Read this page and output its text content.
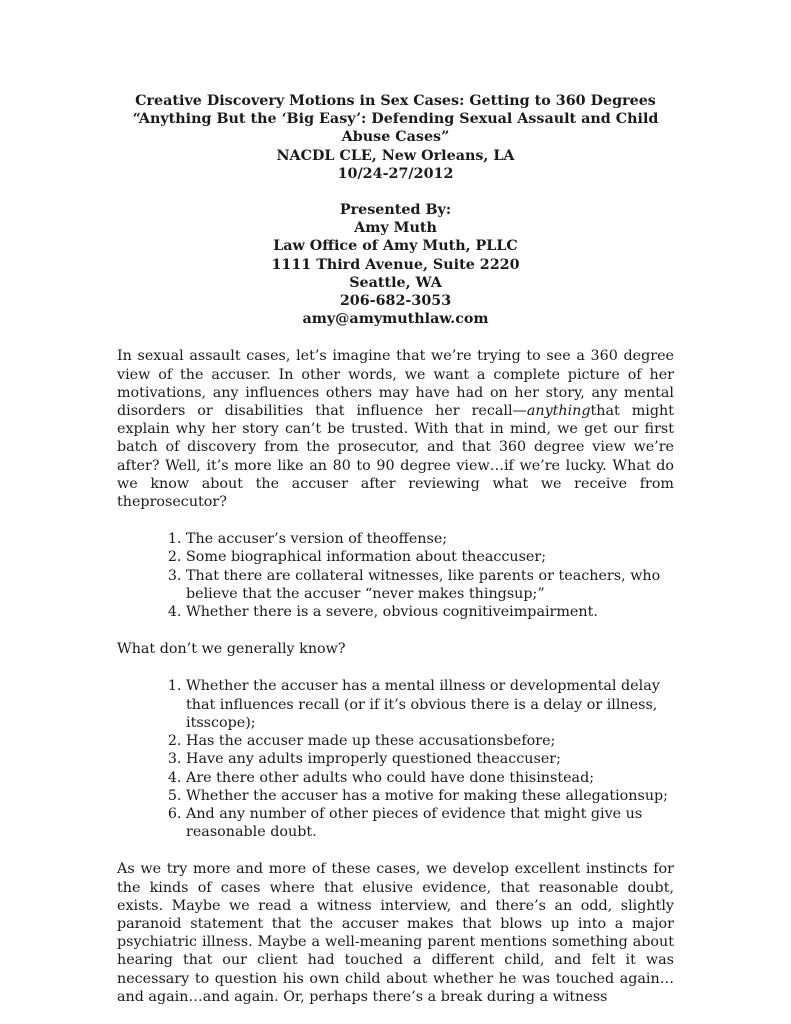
Creative Discovery Motions in Sex Cases: Getting to 360 Degrees

“Anything But the ‘Big Easy’: Defending Sexual Assault and Child Abuse Cases”

NACDL CLE, New Orleans, LA

10/24-27/2012

Presented By:

Amy Muth

Law Office of Amy Muth, PLLC

1111 Third Avenue, Suite 2220

Seattle, WA

206-682-3053

amy@amymuthlaw.com

In sexual assault cases, let’s imagine that we’re trying to see a 360 degree view of the accuser. In other words, we want a complete picture of her motivations, any influences others may have had on her story, any mental disorders or disabilities that influence her recall—anythingthat might explain why her story can’t be trusted. With that in mind, we get our first batch of discovery from the prosecutor, and that 360 degree view we’re after? Well, it’s more like an 80 to 90 degree view…if we’re lucky. What do we know about the accuser after reviewing what we receive from theprosecutor?

1. The accuser’s version of theoffense;
2. Some biographical information about theaccuser;
3. That there are collateral witnesses, like parents or teachers, who believe that the accuser “never makes thingsup;”
4. Whether there is a severe, obvious cognitiveimpairment.

What don’t we generally know?

1. Whether the accuser has a mental illness or developmental delay that influences recall (or if it’s obvious there is a delay or illness, itsscope);
2. Has the accuser made up these accusationsbefore;
3. Have any adults improperly questioned theaccuser;
4. Are there other adults who could have done thisinstead;
5. Whether the accuser has a motive for making these allegationsup;
6. And any number of other pieces of evidence that might give us reasonable doubt.

As we try more and more of these cases, we develop excellent instincts for the kinds of cases where that elusive evidence, that reasonable doubt, exists. Maybe we read a witness interview, and there’s an odd, slightly paranoid statement that the accuser makes that blows up into a major psychiatric illness. Maybe a well-meaning parent mentions something about hearing that our client had touched a different child, and felt it was necessary to question his own child about whether he was touched again…and again…and again. Or, perhaps there’s a break during a witness
